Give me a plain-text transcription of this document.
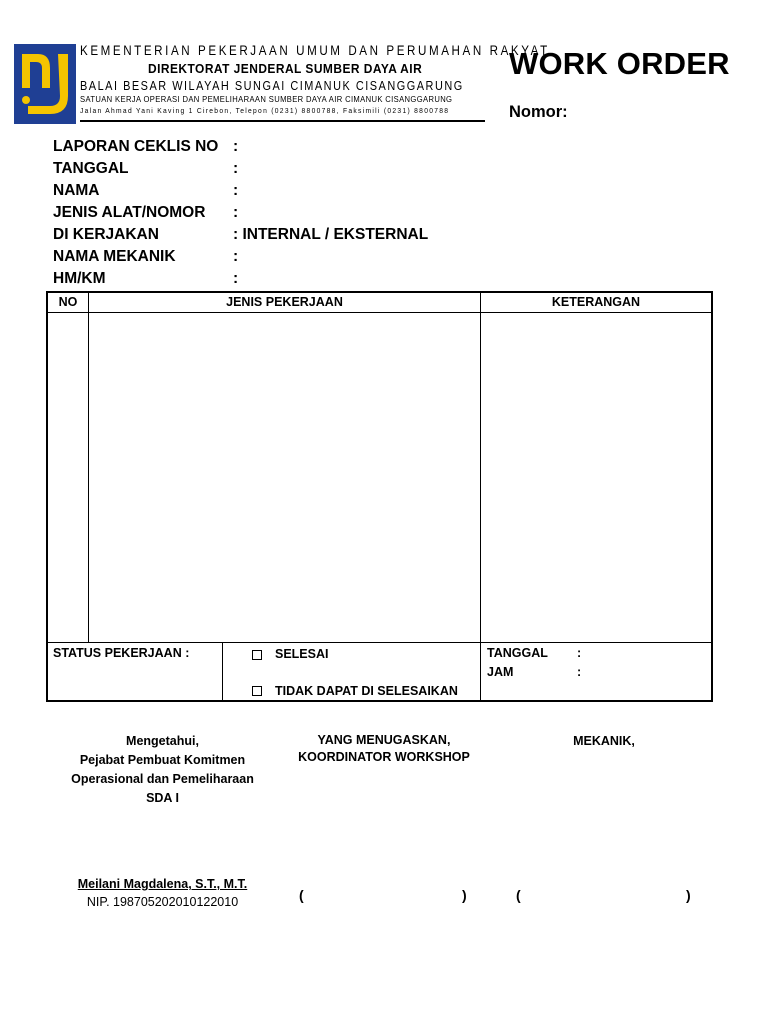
KEMENTERIAN PEKERJAAN UMUM DAN PERUMAHAN RAKYAT
DIREKTORAT JENDERAL SUMBER DAYA AIR
BALAI BESAR WILAYAH SUNGAI CIMANUK CISANGGARUNG
SATUAN KERJA OPERASI DAN PEMELIHARAAN SUMBER DAYA AIR CIMANUK CISANGGARUNG
Jalan Ahmad Yani Kaving 1 Cirebon, Telepon (0231) 8800788, Faksimili (0231) 8800788
WORK ORDER
Nomor:
LAPORAN CEKLIS NO :
TANGGAL	:
NAMA	:
JENIS ALAT/NOMOR :
DI KERJAKAN	: INTERNAL / EKSTERNAL
NAMA MEKANIK	:
HM/KM	:
NO	JENIS PEKERJAAN	KETERANGAN
STATUS PEKERJAAN :	SELESAI
TIDAK DAPAT DI SELESAIKAN
TANGGAL :
JAM	:
Mengetahui,
Pejabat Pembuat Komitmen
Operasional dan Pemeliharaan
SDA I
YANG MENUGASKAN,
KOORDINATOR WORKSHOP
MEKANIK,
Meilani Magdalena, S.T., M.T.
NIP. 198705202010122010	(	)	(	)
